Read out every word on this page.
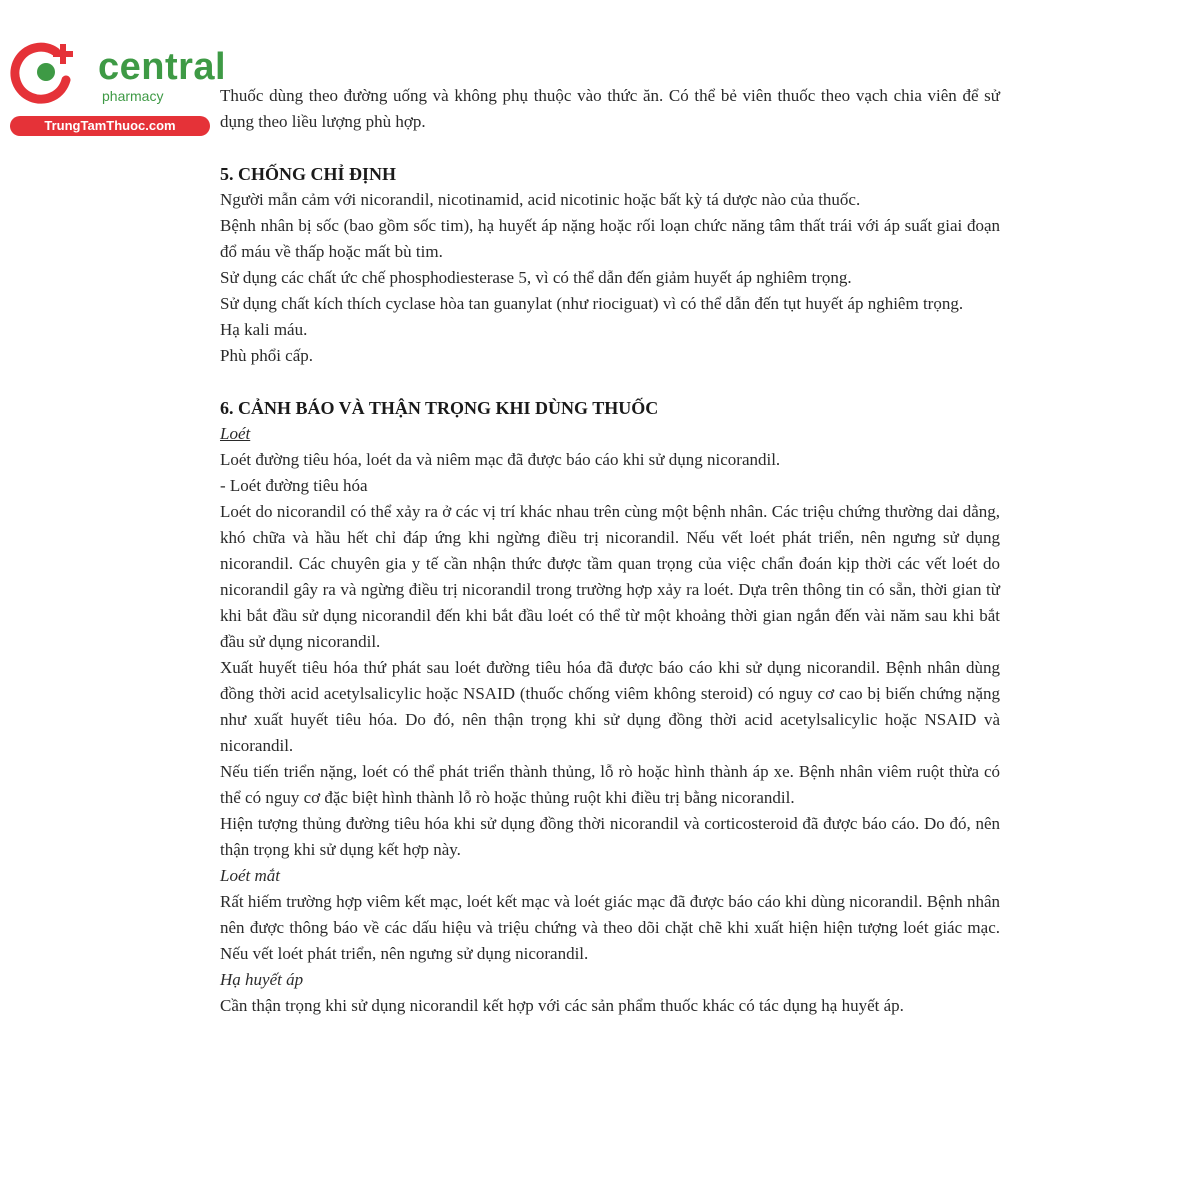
central
pharmacy
TrungTamThuoc.com

Thuốc dùng theo đường uống và không phụ thuộc vào thức ăn. Có thể bẻ viên thuốc theo vạch chia viên để sử dụng theo liều lượng phù hợp.

5. CHỐNG CHỈ ĐỊNH

Người mẫn cảm với nicorandil, nicotinamid, acid nicotinic hoặc bất kỳ tá dược nào của thuốc.

Bệnh nhân bị sốc (bao gồm sốc tim), hạ huyết áp nặng hoặc rối loạn chức năng tâm thất trái với áp suất giai đoạn đổ máu về thấp hoặc mất bù tim.

Sử dụng các chất ức chế phosphodiesterase 5, vì có thể dẫn đến giảm huyết áp nghiêm trọng.

Sử dụng chất kích thích cyclase hòa tan guanylat (như riociguat) vì có thể dẫn đến tụt huyết áp nghiêm trọng.

Hạ kali máu.

Phù phổi cấp.

6. CẢNH BÁO VÀ THẬN TRỌNG KHI DÙNG THUỐC

Loét

Loét đường tiêu hóa, loét da và niêm mạc đã được báo cáo khi sử dụng nicorandil.

- Loét đường tiêu hóa

Loét do nicorandil có thể xảy ra ở các vị trí khác nhau trên cùng một bệnh nhân. Các triệu chứng thường dai dẳng, khó chữa và hầu hết chỉ đáp ứng khi ngừng điều trị nicorandil. Nếu vết loét phát triển, nên ngưng sử dụng nicorandil. Các chuyên gia y tế cần nhận thức được tầm quan trọng của việc chẩn đoán kịp thời các vết loét do nicorandil gây ra và ngừng điều trị nicorandil trong trường hợp xảy ra loét. Dựa trên thông tin có sẵn, thời gian từ khi bắt đầu sử dụng nicorandil đến khi bắt đầu loét có thể từ một khoảng thời gian ngắn đến vài năm sau khi bắt đầu sử dụng nicorandil.

Xuất huyết tiêu hóa thứ phát sau loét đường tiêu hóa đã được báo cáo khi sử dụng nicorandil. Bệnh nhân dùng đồng thời acid acetylsalicylic hoặc NSAID (thuốc chống viêm không steroid) có nguy cơ cao bị biến chứng nặng như xuất huyết tiêu hóa. Do đó, nên thận trọng khi sử dụng đồng thời acid acetylsalicylic hoặc NSAID và nicorandil.

Nếu tiến triển nặng, loét có thể phát triển thành thủng, lỗ rò hoặc hình thành áp xe. Bệnh nhân viêm ruột thừa có thể có nguy cơ đặc biệt hình thành lỗ rò hoặc thủng ruột khi điều trị bằng nicorandil.

Hiện tượng thủng đường tiêu hóa khi sử dụng đồng thời nicorandil và corticosteroid đã được báo cáo. Do đó, nên thận trọng khi sử dụng kết hợp này.

Loét mắt

Rất hiếm trường hợp viêm kết mạc, loét kết mạc và loét giác mạc đã được báo cáo khi dùng nicorandil. Bệnh nhân nên được thông báo về các dấu hiệu và triệu chứng và theo dõi chặt chẽ khi xuất hiện hiện tượng loét giác mạc. Nếu vết loét phát triển, nên ngưng sử dụng nicorandil.

Hạ huyết áp

Cần thận trọng khi sử dụng nicorandil kết hợp với các sản phẩm thuốc khác có tác dụng hạ huyết áp.
